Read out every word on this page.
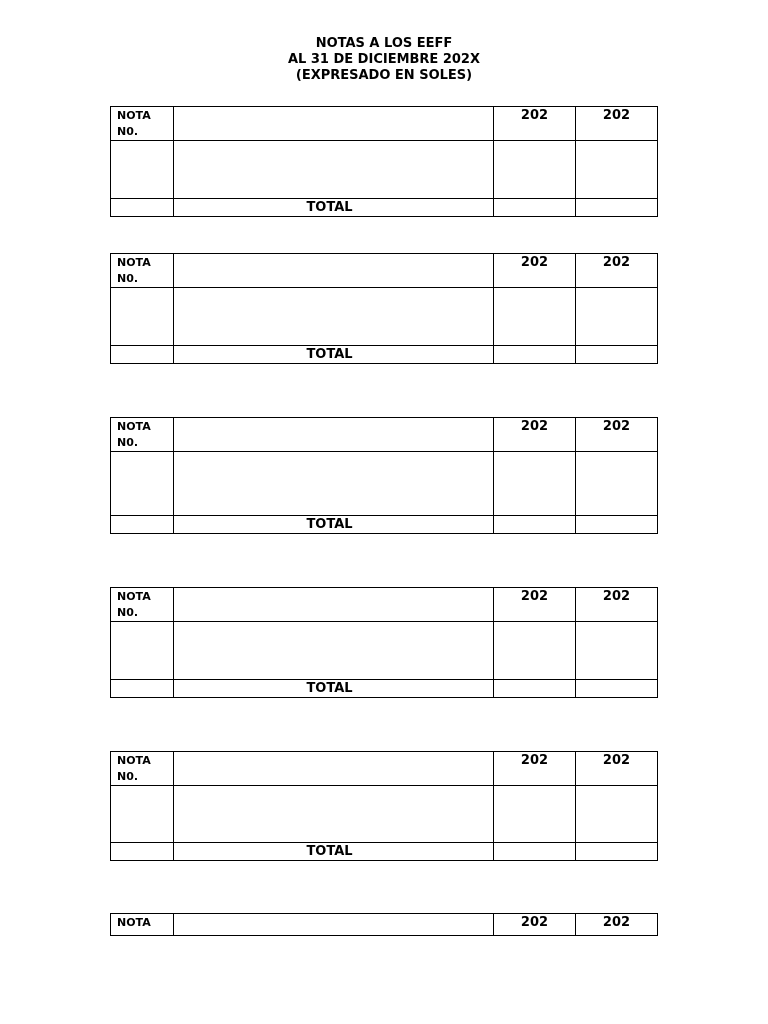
NOTAS A LOS EEFF
AL 31 DE DICIEMBRE 202X
(EXPRESADO EN SOLES)
NOTA N0.		202	202

	TOTAL		
NOTA N0.		202	202

	TOTAL		
NOTA N0.		202	202

	TOTAL		
NOTA N0.		202	202

	TOTAL		
NOTA N0.		202	202

	TOTAL		
NOTA		202	202
